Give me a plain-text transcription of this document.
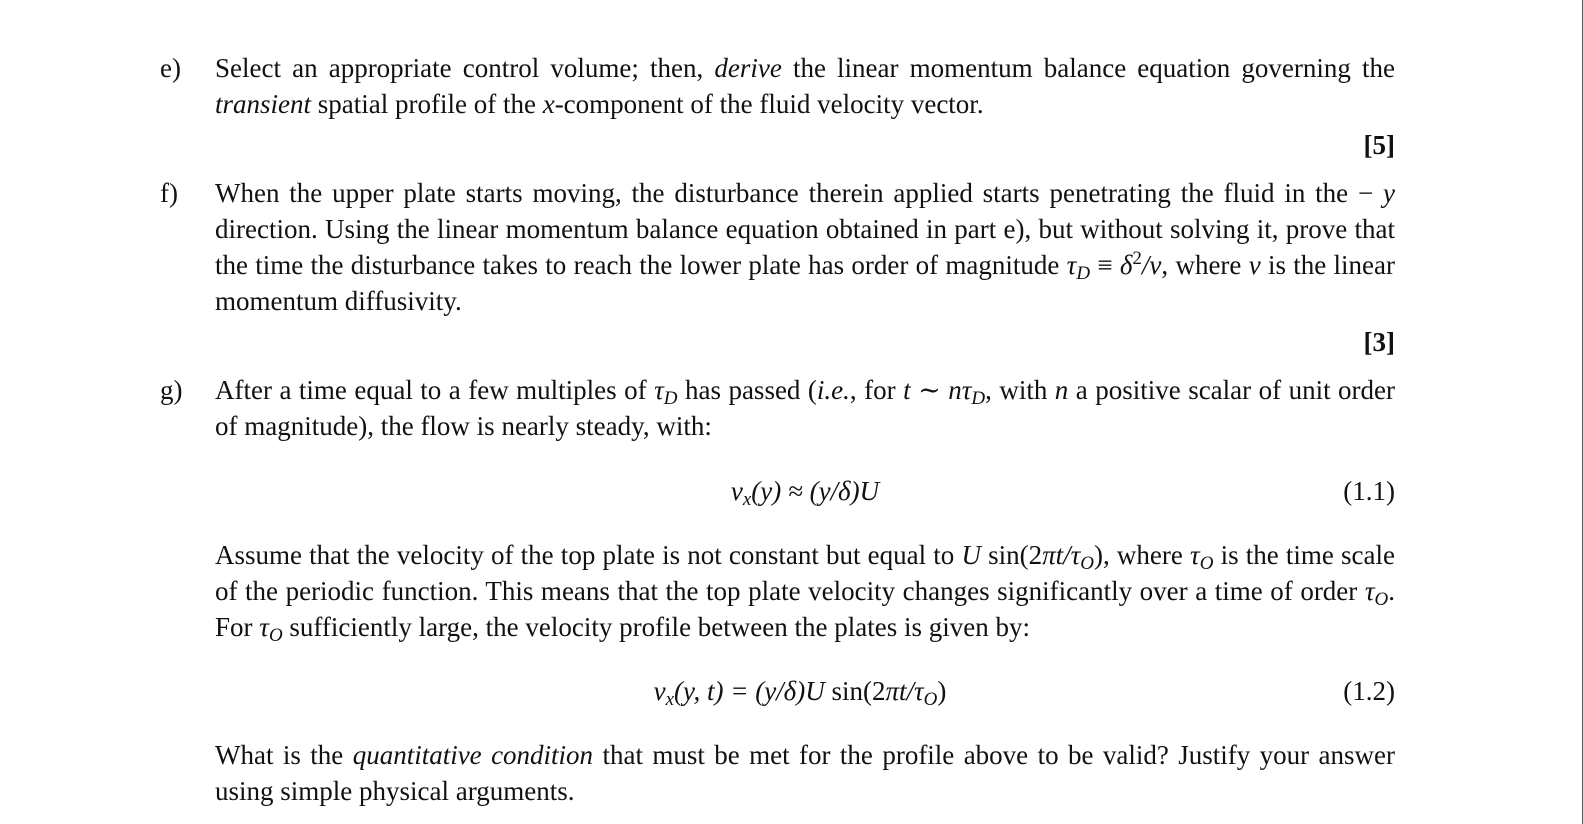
e) Select an appropriate control volume; then, derive the linear momentum balance equation governing the transient spatial profile of the x-component of the fluid velocity vector.
[5]
f) When the upper plate starts moving, the disturbance therein applied starts penetrating the fluid in the − y direction. Using the linear momentum balance equation obtained in part e), but without solving it, prove that the time the disturbance takes to reach the lower plate has order of magnitude $\tau_D \equiv \delta^2/\nu$, where ν is the linear momentum diffusivity.
[3]
g) After a time equal to a few multiples of $\tau_D$ has passed (i.e., for t ∼ $n\tau_D$, with n a positive scalar of unit order of magnitude), the flow is nearly steady, with:
$v_x(y) \approx (y/\delta)U$	(1.1)
Assume that the velocity of the top plate is not constant but equal to U $\sin(2\pi t/\tau_O)$, where $\tau_O$ is the time scale of the periodic function. This means that the top plate velocity changes significantly over a time of order $\tau_O$. For $\tau_O$ sufficiently large, the velocity profile between the plates is given by:
$v_x(y$, t) = (y/δ)U $\sin(2\pi t/\tau_O)$	(1.2)
What is the quantitative condition that must be met for the profile above to be valid? Justify your answer using simple physical arguments.
